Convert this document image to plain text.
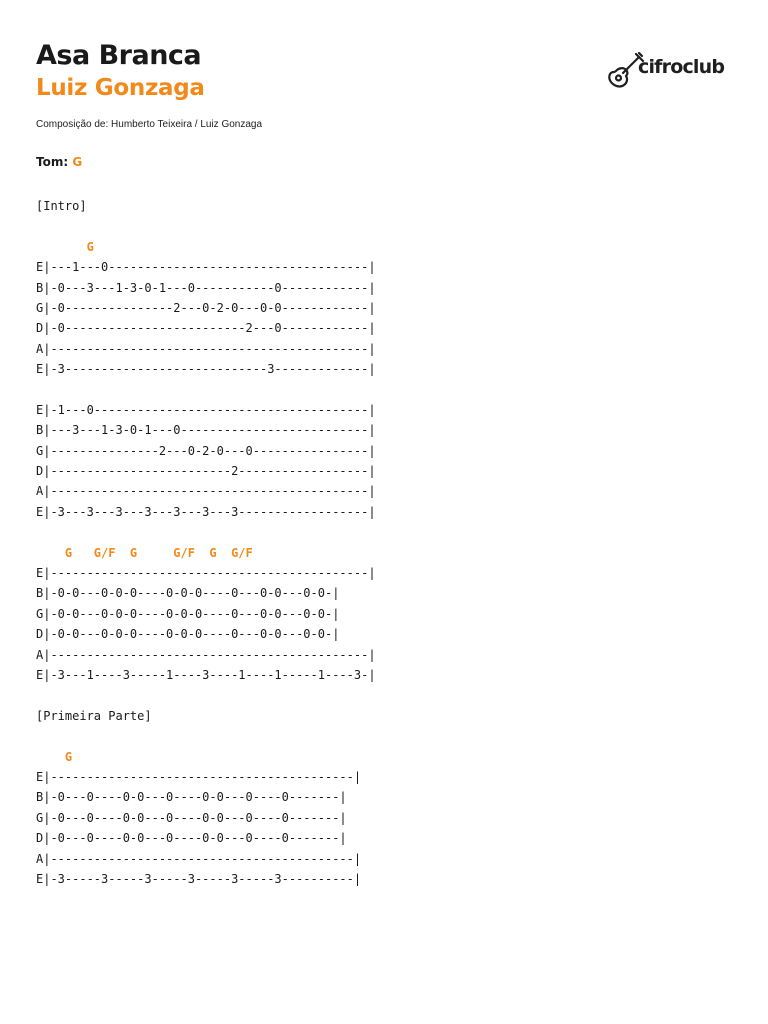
Asa Branca
Luiz Gonzaga
Composição de: Humberto Teixeira / Luiz Gonzaga
Tom: G
cifroclub
[Intro]
G
E|---1---0------------------------------------|
B|-0---3---1-3-0-1---0-----------0------------|
G|-0---------------2---0-2-0---0-0------------|
D|-0-------------------------2---0------------|
A|--------------------------------------------|
E|-3----------------------------3-------------|
E|-1---0--------------------------------------|
B|---3---1-3-0-1---0--------------------------|
G|---------------2---0-2-0---0----------------|
D|-------------------------2------------------|
A|--------------------------------------------|
E|-3---3---3---3---3---3---3------------------|
G   G/F  G     G/F  G  G/F
E|--------------------------------------------|
B|-0-0---0-0-0----0-0-0----0---0-0---0-0-|
G|-0-0---0-0-0----0-0-0----0---0-0---0-0-|
D|-0-0---0-0-0----0-0-0----0---0-0---0-0-|
A|--------------------------------------------|
E|-3---1----3-----1----3----1----1-----1----3-|
[Primeira Parte]
G
E|------------------------------------------|
B|-0---0----0-0---0----0-0---0----0-------|
G|-0---0----0-0---0----0-0---0----0-------|
D|-0---0----0-0---0----0-0---0----0-------|
A|------------------------------------------|
E|-3-----3-----3-----3-----3-----3----------|
